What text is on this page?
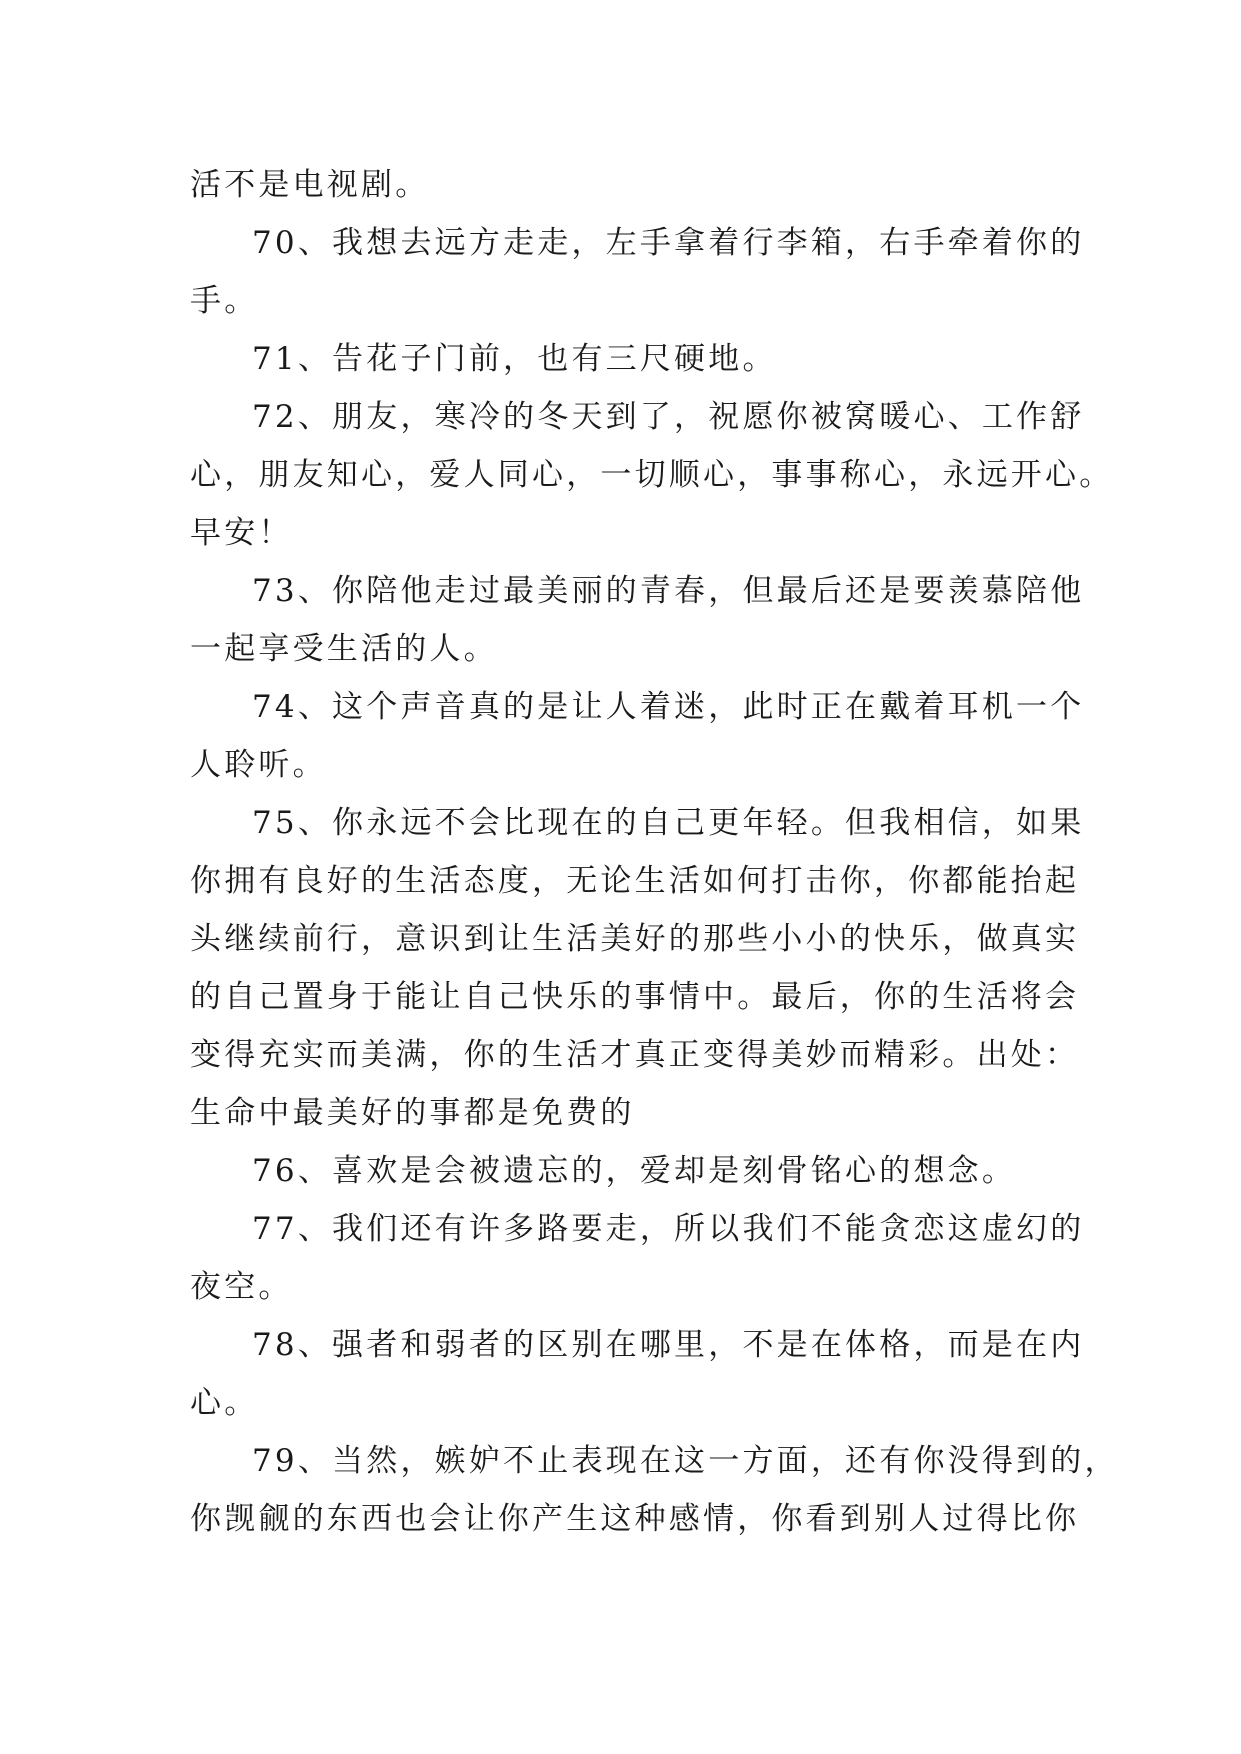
活不是电视剧。

70、我想去远方走走，左手拿着行李箱，右手牵着你的

手。

71、告花子门前，也有三尺硬地。

72、朋友，寒冷的冬天到了，祝愿你被窝暖心、工作舒

心，朋友知心，爱人同心，一切顺心，事事称心，永远开心。

早安！

73、你陪他走过最美丽的青春，但最后还是要羡慕陪他

一起享受生活的人。

74、这个声音真的是让人着迷，此时正在戴着耳机一个

人聆听。

75、你永远不会比现在的自己更年轻。但我相信，如果

你拥有良好的生活态度，无论生活如何打击你，你都能抬起

头继续前行，意识到让生活美好的那些小小的快乐，做真实

的自己置身于能让自己快乐的事情中。最后，你的生活将会

变得充实而美满，你的生活才真正变得美妙而精彩。出处：

生命中最美好的事都是免费的

76、喜欢是会被遗忘的，爱却是刻骨铭心的想念。

77、我们还有许多路要走，所以我们不能贪恋这虚幻的

夜空。

78、强者和弱者的区别在哪里，不是在体格，而是在内

心。

79、当然，嫉妒不止表现在这一方面，还有你没得到的，

你觊觎的东西也会让你产生这种感情，你看到别人过得比你
